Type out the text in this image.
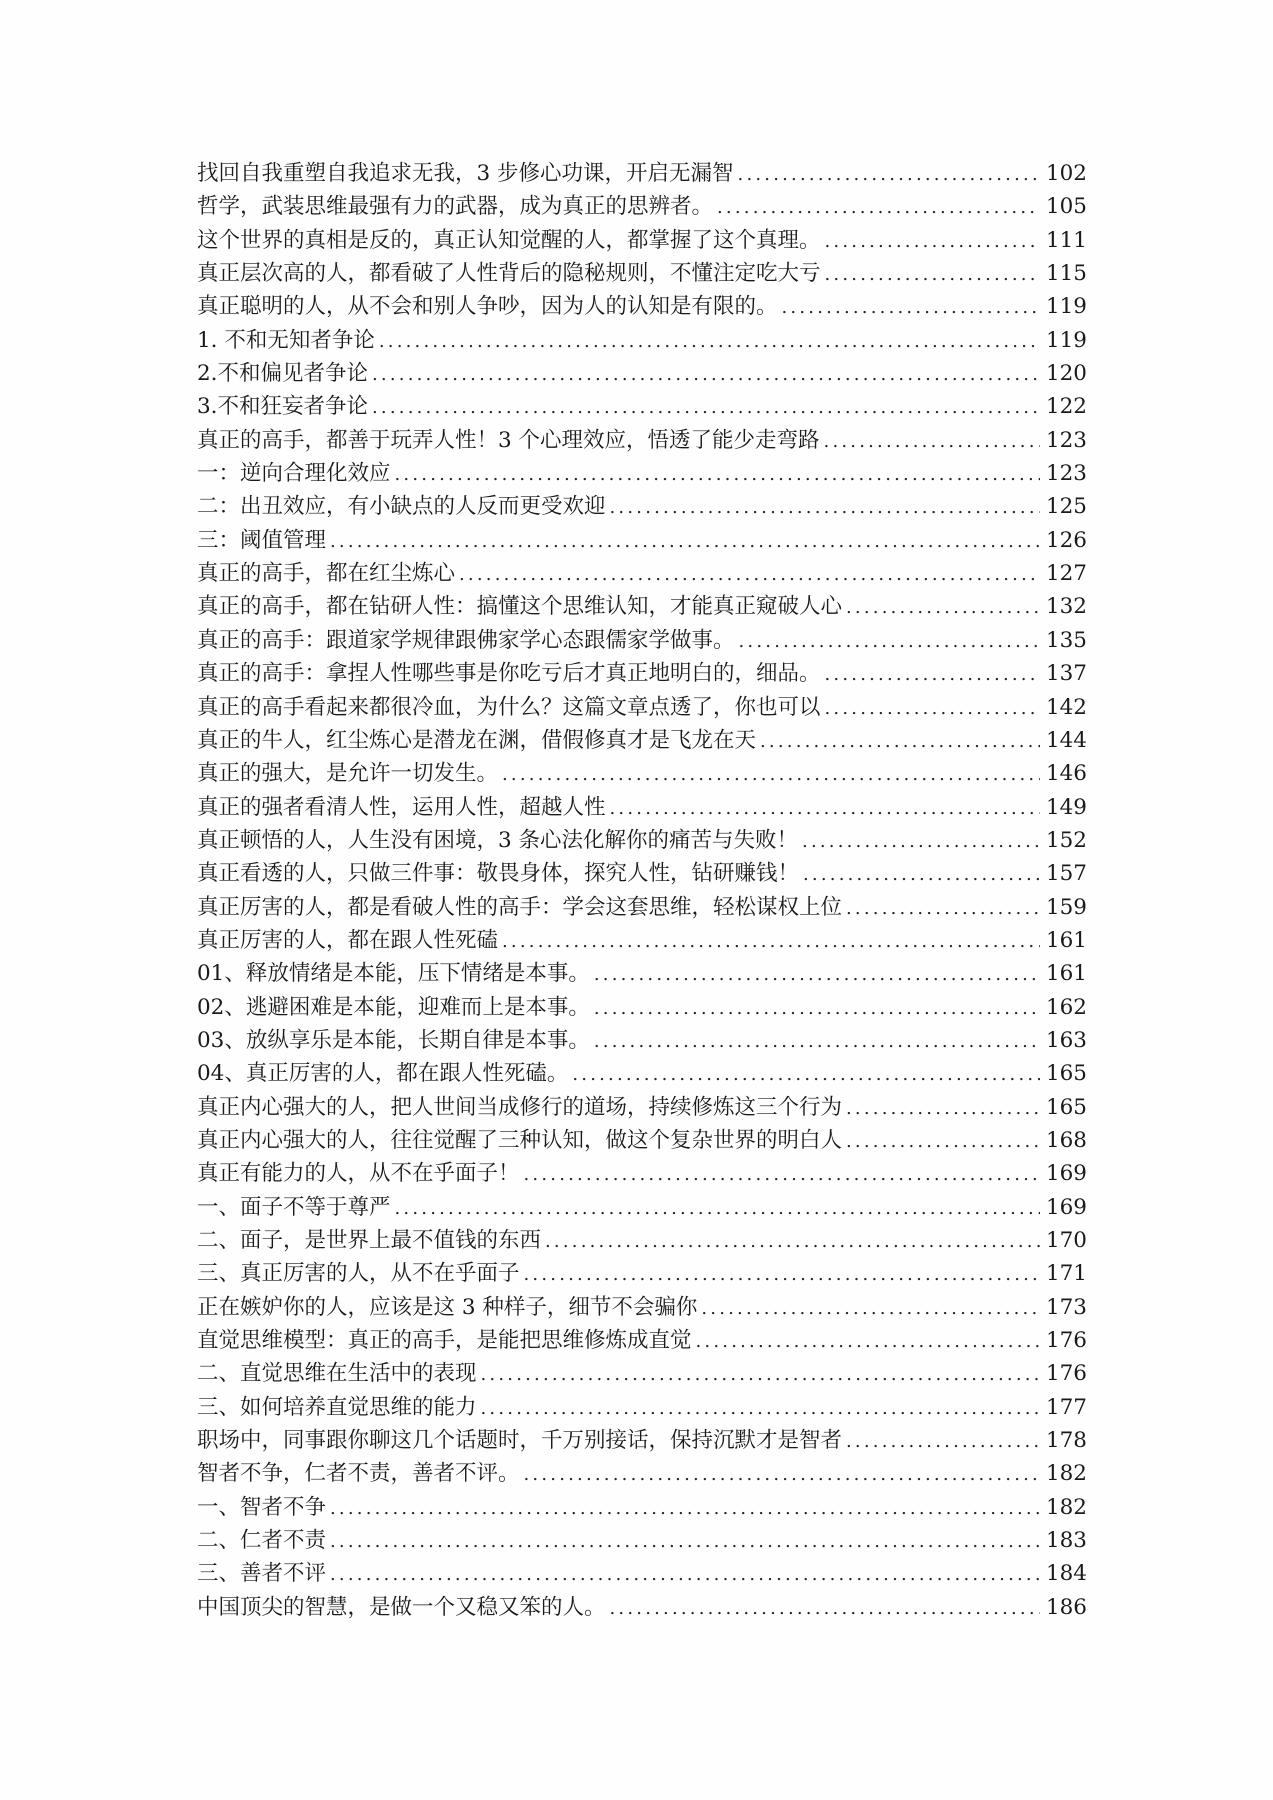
找回自我重塑自我追求无我，3 步修心功课，开启无漏智 .....	102
哲学，武装思维最强有力的武器，成为真正的思辨者。 .....	105
这个世界的真相是反的，真正认知觉醒的人，都掌握了这个真理。 .....	111
真正层次高的人，都看破了人性背后的隐秘规则，不懂注定吃大亏 .....	115
真正聪明的人，从不会和别人争吵，因为人的认知是有限的。 .....	119
1. 不和无知者争论 .....	119
2.不和偏见者争论 .....	120
3.不和狂妄者争论 .....	122
真正的高手，都善于玩弄人性！3 个心理效应，悟透了能少走弯路 .....	123
一：逆向合理化效应 .....	123
二：出丑效应，有小缺点的人反而更受欢迎 .....	125
三：阈值管理 .....	126
真正的高手，都在红尘炼心 .....	127
真正的高手，都在钻研人性：搞懂这个思维认知，才能真正窥破人心 .....	132
真正的高手：跟道家学规律跟佛家学心态跟儒家学做事。 .....	135
真正的高手：拿捏人性哪些事是你吃亏后才真正地明白的，细品。 .....	137
真正的高手看起来都很冷血，为什么？这篇文章点透了，你也可以 .....	142
真正的牛人，红尘炼心是潜龙在渊，借假修真才是飞龙在天 .....	144
真正的强大，是允许一切发生。 .....	146
真正的强者看清人性，运用人性，超越人性 .....	149
真正顿悟的人，人生没有困境，3 条心法化解你的痛苦与失败！ .....	152
真正看透的人，只做三件事：敬畏身体，探究人性，钻研赚钱！ .....	157
真正厉害的人，都是看破人性的高手：学会这套思维，轻松谋权上位 .....	159
真正厉害的人，都在跟人性死磕 .....	161
01、释放情绪是本能，压下情绪是本事。 .....	161
02、逃避困难是本能，迎难而上是本事。 .....	162
03、放纵享乐是本能，长期自律是本事。 .....	163
04、真正厉害的人，都在跟人性死磕。 .....	165
真正内心强大的人，把人世间当成修行的道场，持续修炼这三个行为 .....	165
真正内心强大的人，往往觉醒了三种认知，做这个复杂世界的明白人 .....	168
真正有能力的人，从不在乎面子！ .....	169
一、面子不等于尊严 .....	169
二、面子，是世界上最不值钱的东西 .....	170
三、真正厉害的人，从不在乎面子 .....	171
正在嫉妒你的人，应该是这 3 种样子，细节不会骗你 .....	173
直觉思维模型：真正的高手，是能把思维修炼成直觉 .....	176
二、直觉思维在生活中的表现 .....	176
三、如何培养直觉思维的能力 .....	177
职场中，同事跟你聊这几个话题时，千万别接话，保持沉默才是智者 .....	178
智者不争，仁者不责，善者不评。 .....	182
一、智者不争 .....	182
二、仁者不责 .....	183
三、善者不评 .....	184
中国顶尖的智慧，是做一个又稳又笨的人。 .....	186
